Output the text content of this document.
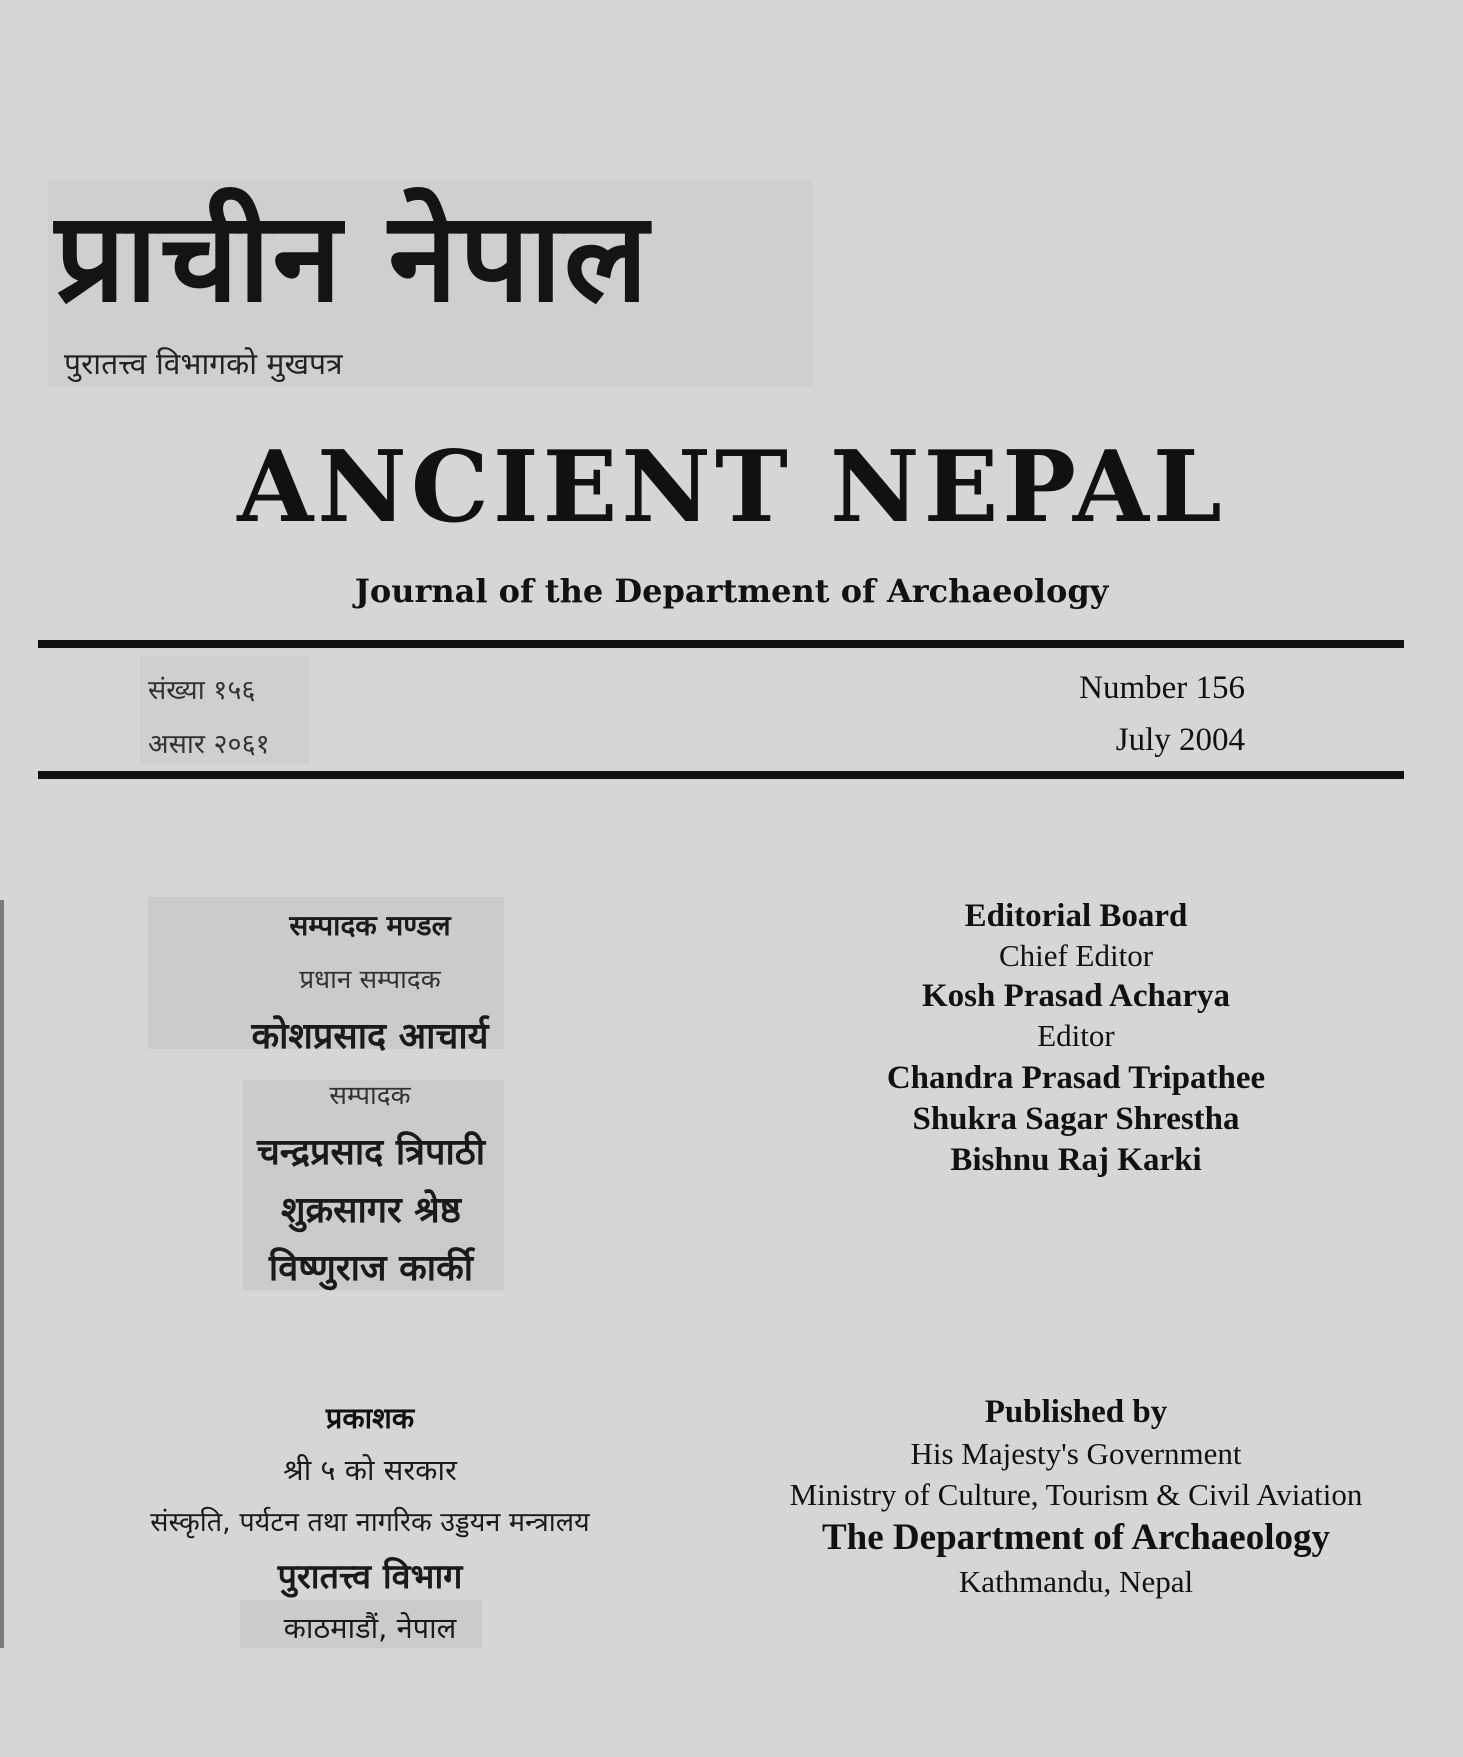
प्राचीन नेपाल
पुरातत्त्व विभागको मुखपत्र
ANCIENT NEPAL
Journal of the Department of Archaeology
संख्या १५६
असार २०६१
Number 156
July 2004
सम्पादक मण्डल
प्रधान सम्पादक
कोशप्रसाद आचार्य
सम्पादक
चन्द्रप्रसाद त्रिपाठी
शुक्रसागर श्रेष्ठ
विष्णुराज कार्की
Editorial Board
Chief Editor
Kosh Prasad Acharya
Editor
Chandra Prasad Tripathee
Shukra Sagar Shrestha
Bishnu Raj Karki
प्रकाशक
श्री ५ को सरकार
संस्कृति, पर्यटन तथा नागरिक उड्डयन मन्त्रालय
पुरातत्त्व विभाग
काठमाडौं, नेपाल
Published by
His Majesty's Government
Ministry of Culture, Tourism & Civil Aviation
The Department of Archaeology
Kathmandu, Nepal
